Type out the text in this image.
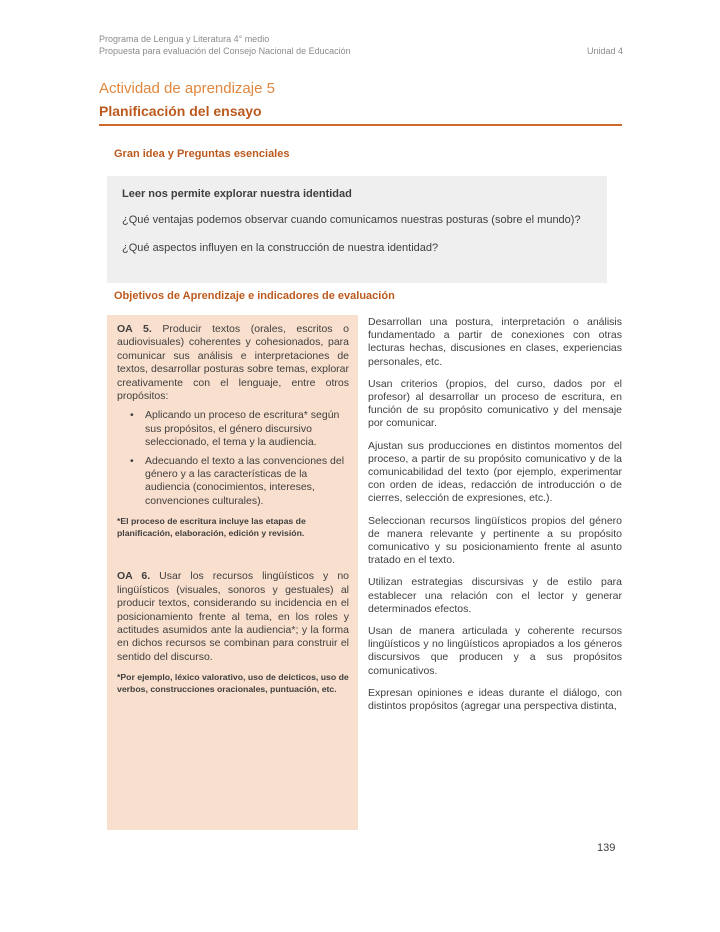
Programa de Lengua y Literatura 4° medio
Propuesta para evaluación del Consejo Nacional de Educación	Unidad 4
Actividad de aprendizaje 5
Planificación del ensayo
Gran idea y Preguntas esenciales
Leer nos permite explorar nuestra identidad
¿Qué ventajas podemos observar cuando comunicamos nuestras posturas (sobre el mundo)?
¿Qué aspectos influyen en la construcción de nuestra identidad?
Objetivos de Aprendizaje e indicadores de evaluación
OA 5. Producir textos (orales, escritos o audiovisuales) coherentes y cohesionados, para comunicar sus análisis e interpretaciones de textos, desarrollar posturas sobre temas, explorar creativamente con el lenguaje, entre otros propósitos:
• Aplicando un proceso de escritura* según sus propósitos, el género discursivo seleccionado, el tema y la audiencia.
• Adecuando el texto a las convenciones del género y a las características de la audiencia (conocimientos, intereses, convenciones culturales).
*El proceso de escritura incluye las etapas de planificación, elaboración, edición y revisión.
OA 6. Usar los recursos lingüísticos y no lingüísticos (visuales, sonoros y gestuales) al producir textos, considerando su incidencia en el posicionamiento frente al tema, en los roles y actitudes asumidos ante la audiencia*; y la forma en dichos recursos se combinan para construir el sentido del discurso.
*Por ejemplo, léxico valorativo, uso de deícticos, uso de verbos, construcciones oracionales, puntuación, etc.

Desarrollan una postura, interpretación o análisis fundamentado a partir de conexiones con otras lecturas hechas, discusiones en clases, experiencias personales, etc.

Usan criterios (propios, del curso, dados por el profesor) al desarrollar un proceso de escritura, en función de su propósito comunicativo y del mensaje por comunicar.

Ajustan sus producciones en distintos momentos del proceso, a partir de su propósito comunicativo y de la comunicabilidad del texto (por ejemplo, experimentar con orden de ideas, redacción de introducción o de cierres, selección de expresiones, etc.).

Seleccionan recursos lingüísticos propios del género de manera relevante y pertinente a su propósito comunicativo y su posicionamiento frente al asunto tratado en el texto.

Utilizan estrategias discursivas y de estilo para establecer una relación con el lector y generar determinados efectos.

Usan de manera articulada y coherente recursos lingüísticos y no lingüísticos apropiados a los géneros discursivos que producen y a sus propósitos comunicativos.

Expresan opiniones e ideas durante el diálogo, con distintos propósitos (agregar una perspectiva distinta,

139
